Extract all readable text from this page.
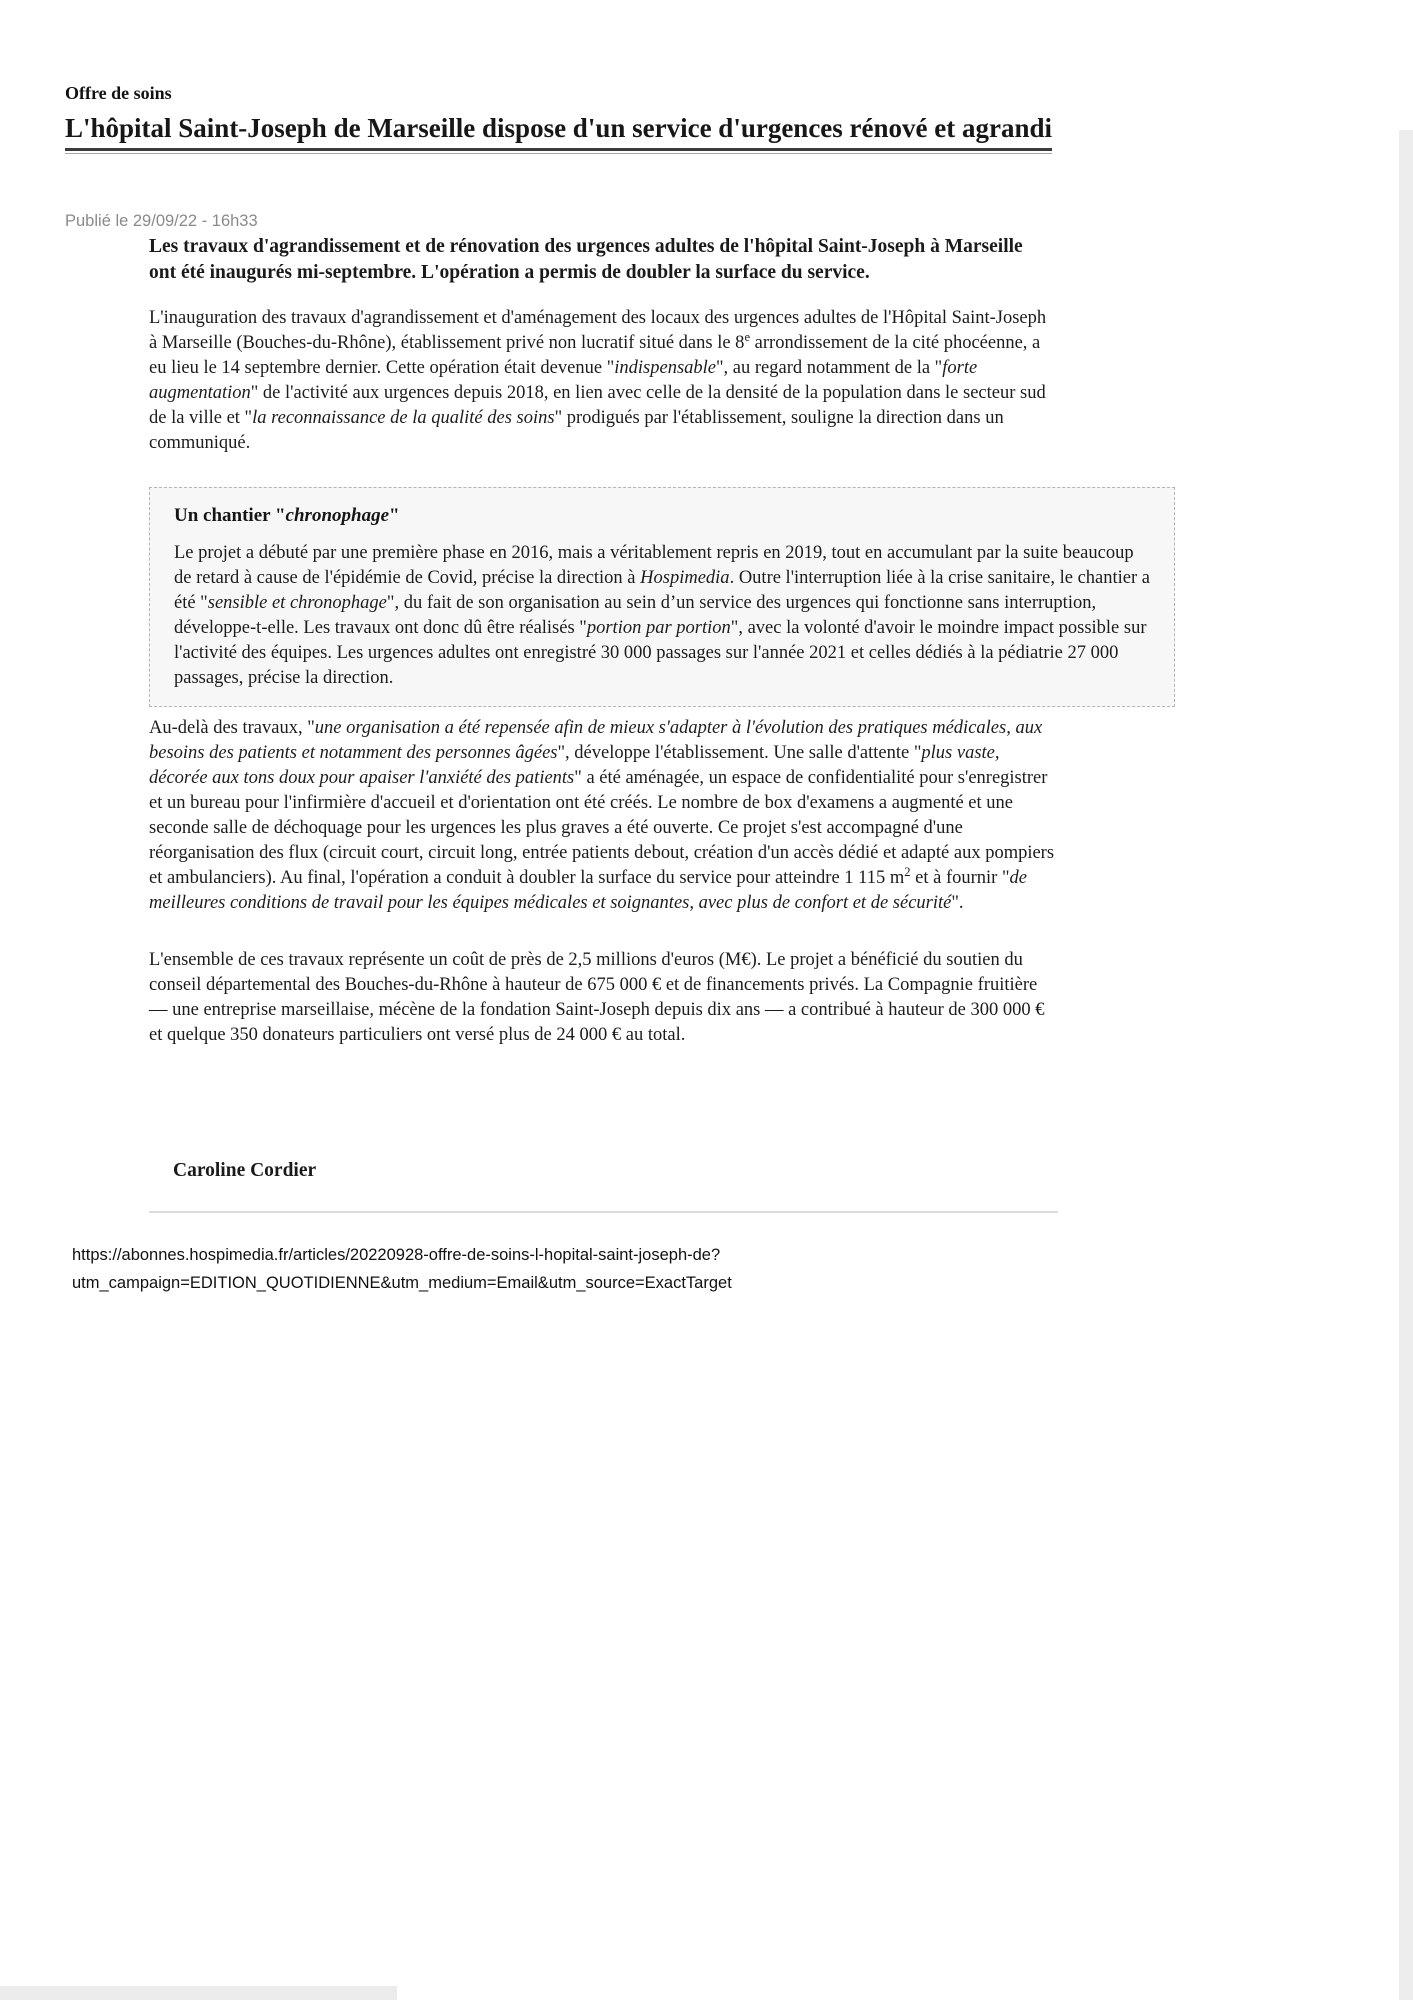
Offre de soins
L'hôpital Saint-Joseph de Marseille dispose d'un service d'urgences rénové et agrandi
Publié le 29/09/22 - 16h33
Les travaux d'agrandissement et de rénovation des urgences adultes de l'hôpital Saint-Joseph à Marseille ont été inaugurés mi-septembre. L'opération a permis de doubler la surface du service.
L'inauguration des travaux d'agrandissement et d'aménagement des locaux des urgences adultes de l'Hôpital Saint-Joseph à Marseille (Bouches-du-Rhône), établissement privé non lucratif situé dans le 8e arrondissement de la cité phocéenne, a eu lieu le 14 septembre dernier. Cette opération était devenue "indispensable", au regard notamment de la "forte augmentation" de l'activité aux urgences depuis 2018, en lien avec celle de la densité de la population dans le secteur sud de la ville et "la reconnaissance de la qualité des soins" prodigués par l'établissement, souligne la direction dans un communiqué.
Un chantier "chronophage"
Le projet a débuté par une première phase en 2016, mais a véritablement repris en 2019, tout en accumulant par la suite beaucoup de retard à cause de l'épidémie de Covid, précise la direction à Hospimedia. Outre l'interruption liée à la crise sanitaire, le chantier a été "sensible et chronophage", du fait de son organisation au sein d’un service des urgences qui fonctionne sans interruption, développe-t-elle. Les travaux ont donc dû être réalisés "portion par portion", avec la volonté d'avoir le moindre impact possible sur l'activité des équipes. Les urgences adultes ont enregistré 30 000 passages sur l'année 2021 et celles dédiés à la pédiatrie 27 000 passages, précise la direction.
Au-delà des travaux, "une organisation a été repensée afin de mieux s'adapter à l'évolution des pratiques médicales, aux besoins des patients et notamment des personnes âgées", développe l'établissement. Une salle d'attente "plus vaste, décorée aux tons doux pour apaiser l'anxiété des patients" a été aménagée, un espace de confidentialité pour s'enregistrer et un bureau pour l'infirmière d'accueil et d'orientation ont été créés. Le nombre de box d'examens a augmenté et une seconde salle de déchoquage pour les urgences les plus graves a été ouverte. Ce projet s'est accompagné d'une réorganisation des flux (circuit court, circuit long, entrée patients debout, création d'un accès dédié et adapté aux pompiers et ambulanciers). Au final, l'opération a conduit à doubler la surface du service pour atteindre 1 115 $m^2$ et à fournir "de meilleures conditions de travail pour les équipes médicales et soignantes, avec plus de confort et de sécurité".
L'ensemble de ces travaux représente un coût de près de 2,5 millions d'euros (M€). Le projet a bénéficié du soutien du conseil départemental des Bouches-du-Rhône à hauteur de 675 000 € et de financements privés. La Compagnie fruitière — une entreprise marseillaise, mécène de la fondation Saint-Joseph depuis dix ans — a contribué à hauteur de 300 000 € et quelque 350 donateurs particuliers ont versé plus de 24 000 € au total.
Caroline Cordier
https://abonnes.hospimedia.fr/articles/20220928-offre-de-soins-l-hopital-saint-joseph-de?
utm_campaign=EDITION_QUOTIDIENNE&utm_medium=Email&utm_source=ExactTarget
